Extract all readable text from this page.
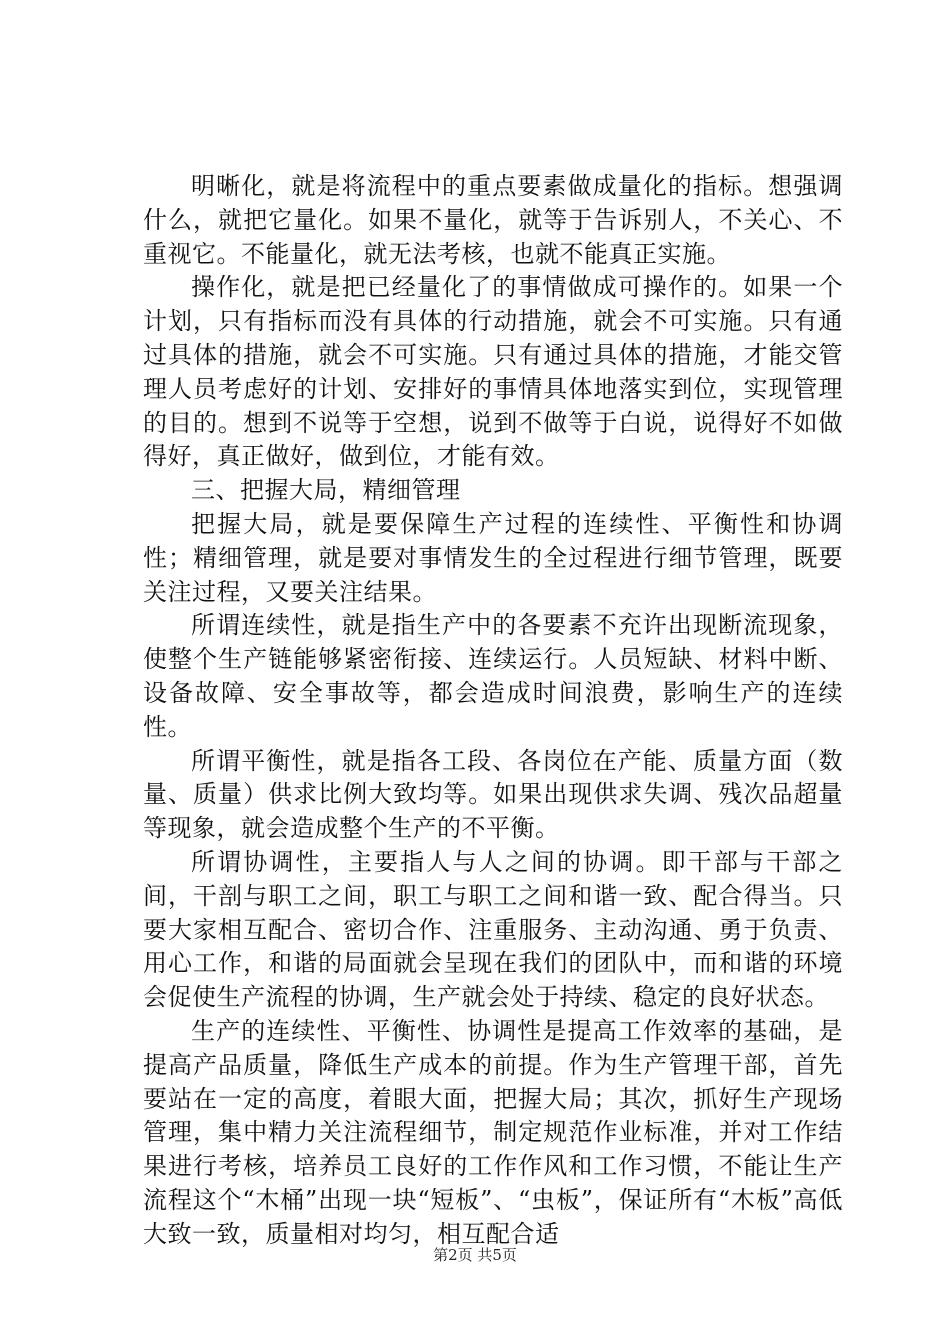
明晰化，就是将流程中的重点要素做成量化的指标。想强调什么，就把它量化。如果不量化，就等于告诉别人，不关心、不重视它。不能量化，就无法考核，也就不能真正实施。

操作化，就是把已经量化了的事情做成可操作的。如果一个计划，只有指标而没有具体的行动措施，就会不可实施。只有通过具体的措施，就会不可实施。只有通过具体的措施，才能交管理人员考虑好的计划、安排好的事情具体地落实到位，实现管理的目的。想到不说等于空想，说到不做等于白说，说得好不如做得好，真正做好，做到位，才能有效。

三、把握大局，精细管理

把握大局，就是要保障生产过程的连续性、平衡性和协调性；精细管理，就是要对事情发生的全过程进行细节管理，既要关注过程，又要关注结果。

所谓连续性，就是指生产中的各要素不充许出现断流现象，使整个生产链能够紧密衔接、连续运行。人员短缺、材料中断、设备故障、安全事故等，都会造成时间浪费，影响生产的连续性。

所谓平衡性，就是指各工段、各岗位在产能、质量方面（数量、质量）供求比例大致均等。如果出现供求失调、残次品超量等现象，就会造成整个生产的不平衡。

所谓协调性，主要指人与人之间的协调。即干部与干部之间，干剖与职工之间，职工与职工之间和谐一致、配合得当。只要大家相互配合、密切合作、注重服务、主动沟通、勇于负责、用心工作，和谐的局面就会呈现在我们的团队中，而和谐的环境会促使生产流程的协调，生产就会处于持续、稳定的良好状态。

生产的连续性、平衡性、协调性是提高工作效率的基础，是提高产品质量，降低生产成本的前提。作为生产管理干部，首先要站在一定的高度，着眼大面，把握大局；其次，抓好生产现场管理，集中精力关注流程细节，制定规范作业标准，并对工作结果进行考核，培养员工良好的工作作风和工作习惯，不能让生产流程这个“木桶”出现一块“短板”、“虫板”，保证所有“木板”高低大致一致，质量相对均匀，相互配合适

第2页 共5页
